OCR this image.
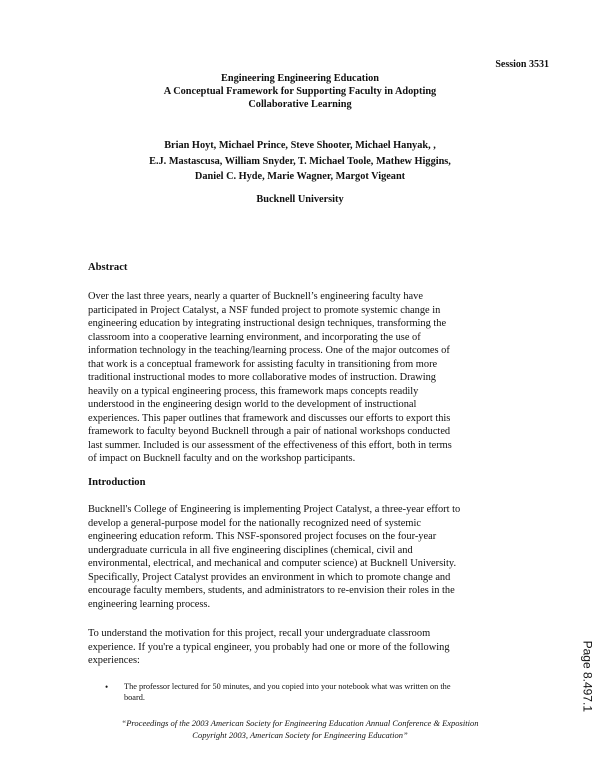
Session 3531
Engineering Engineering Education
A Conceptual Framework for Supporting Faculty in Adopting
Collaborative Learning
Brian Hoyt, Michael Prince, Steve Shooter, Michael Hanyak, ,
E.J. Mastascusa, William Snyder, T. Michael Toole, Mathew Higgins,
Daniel C. Hyde, Marie Wagner, Margot Vigeant
Bucknell University
Abstract
Over the last three years, nearly a quarter of Bucknell’s engineering faculty have
participated in Project Catalyst, a NSF funded project to promote systemic change in
engineering education by integrating instructional design techniques, transforming the
classroom into a cooperative learning environment, and incorporating the use of
information technology in the teaching/learning process. One of the major outcomes of
that work is a conceptual framework for assisting faculty in transitioning from more
traditional instructional modes to more collaborative modes of instruction. Drawing
heavily on a typical engineering process, this framework maps concepts readily
understood in the engineering design world to the development of instructional
experiences. This paper outlines that framework and discusses our efforts to export this
framework to faculty beyond Bucknell through a pair of national workshops conducted
last summer. Included is our assessment of the effectiveness of this effort, both in terms
of impact on Bucknell faculty and on the workshop participants.
Introduction
Bucknell's College of Engineering is implementing Project Catalyst, a three-year effort to
develop a general-purpose model for the nationally recognized need of systemic
engineering education reform. This NSF-sponsored project focuses on the four-year
undergraduate curricula in all five engineering disciplines (chemical, civil and
environmental, electrical, and mechanical and computer science) at Bucknell University.
Specifically, Project Catalyst provides an environment in which to promote change and
encourage faculty members, students, and administrators to re-envision their roles in the
engineering learning process.
To understand the motivation for this project, recall your undergraduate classroom
experience. If you're a typical engineer, you probably had one or more of the following
experiences:
• The professor lectured for 50 minutes, and you copied into your notebook what was written on the
board.
“Proceedings of the 2003 American Society for Engineering Education Annual Conference & Exposition
Copyright 2003, American Society for Engineering Education”
Page 8.497.1
